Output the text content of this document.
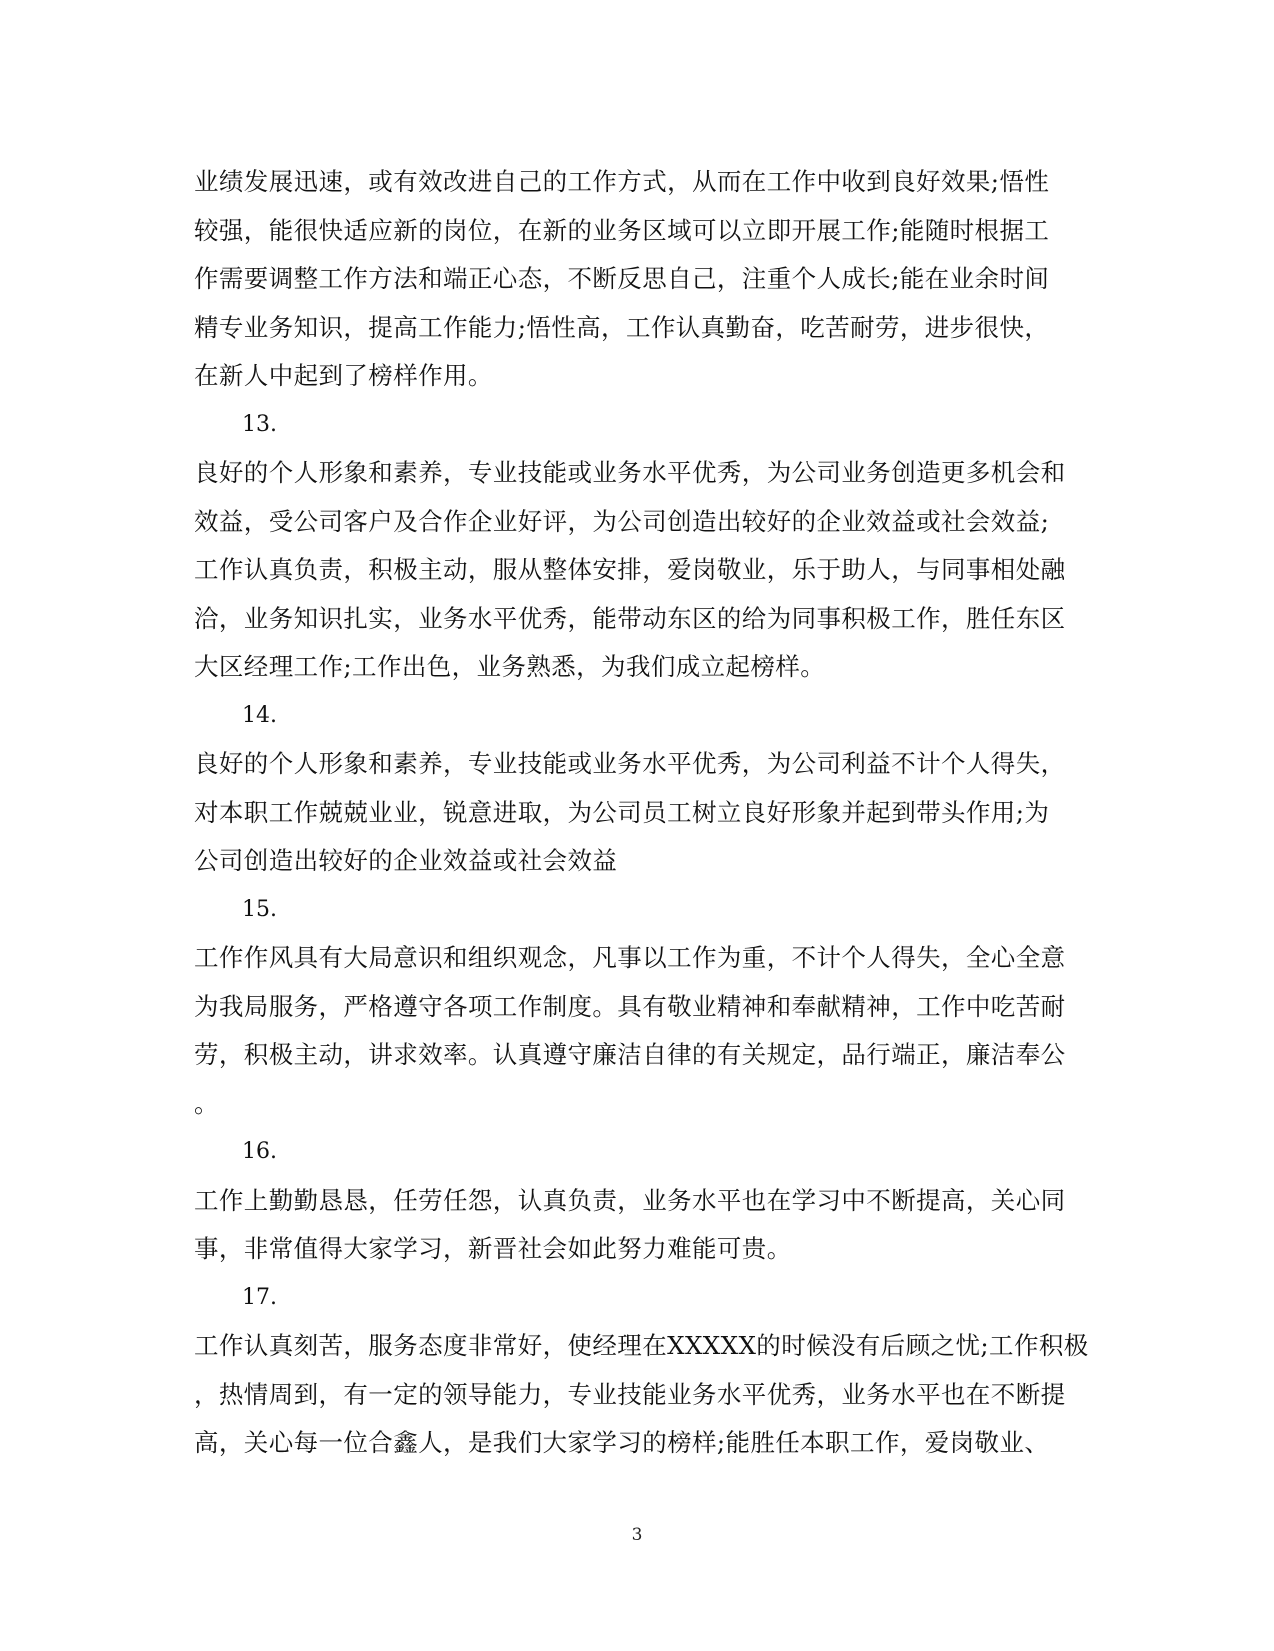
业绩发展迅速，或有效改进自己的工作方式，从而在工作中收到良好效果;悟性

较强，能很快适应新的岗位，在新的业务区域可以立即开展工作;能随时根据工

作需要调整工作方法和端正心态，不断反思自己，注重个人成长;能在业余时间

精专业务知识，提高工作能力;悟性高，工作认真勤奋，吃苦耐劳，进步很快，

在新人中起到了榜样作用。

13.

良好的个人形象和素养，专业技能或业务水平优秀，为公司业务创造更多机会和

效益，受公司客户及合作企业好评，为公司创造出较好的企业效益或社会效益;

工作认真负责，积极主动，服从整体安排，爱岗敬业，乐于助人，与同事相处融

洽，业务知识扎实，业务水平优秀，能带动东区的给为同事积极工作，胜任东区

大区经理工作;工作出色，业务熟悉，为我们成立起榜样。

14.

良好的个人形象和素养，专业技能或业务水平优秀，为公司利益不计个人得失，

对本职工作兢兢业业，锐意进取，为公司员工树立良好形象并起到带头作用;为

公司创造出较好的企业效益或社会效益

15.

工作作风具有大局意识和组织观念，凡事以工作为重，不计个人得失，全心全意

为我局服务，严格遵守各项工作制度。具有敬业精神和奉献精神，工作中吃苦耐

劳，积极主动，讲求效率。认真遵守廉洁自律的有关规定，品行端正，廉洁奉公

。

16.

工作上勤勤恳恳，任劳任怨，认真负责，业务水平也在学习中不断提高，关心同

事，非常值得大家学习，新晋社会如此努力难能可贵。

17.

工作认真刻苦，服务态度非常好，使经理在XXXXX的时候没有后顾之忧;工作积极

，热情周到，有一定的领导能力，专业技能业务水平优秀，业务水平也在不断提

高，关心每一位合鑫人，是我们大家学习的榜样;能胜任本职工作，爱岗敬业、

3
